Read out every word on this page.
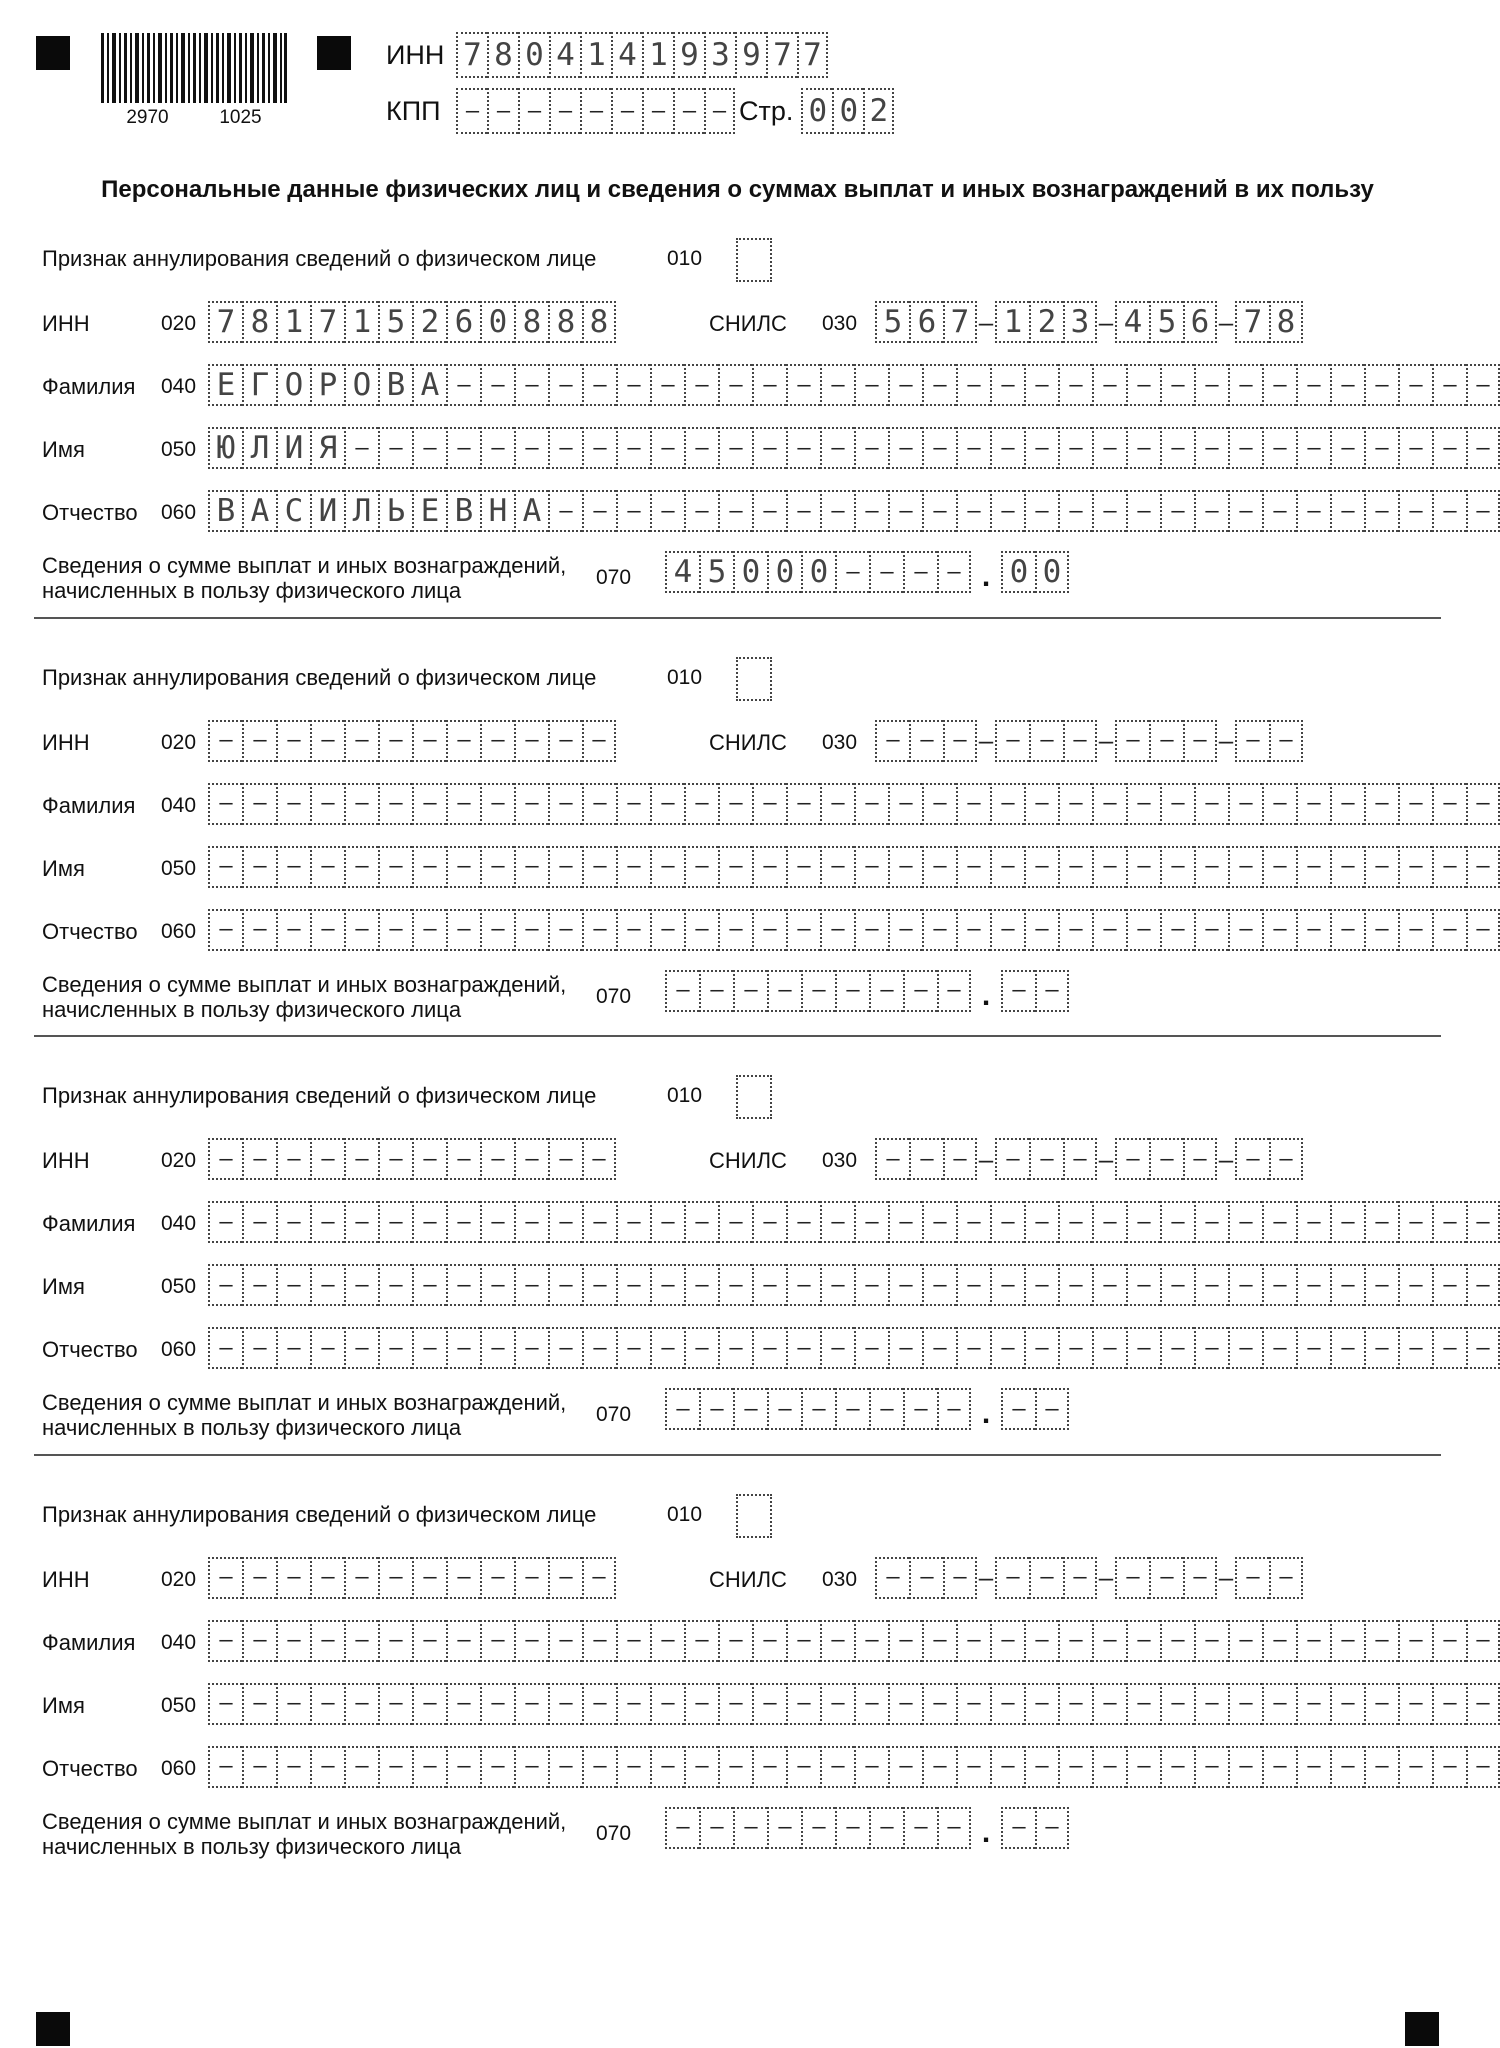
2970	1025
ИНН 7 8 0 4 1 4 1 9 3 9 7 7
КПП	– – – – – – – – – Стр. 0 0 2
Персональные данные физических лиц и сведения о суммах выплат и иных вознаграждений в их пользу
Признак аннулирования сведений о физическом лице	010
ИНН	020 7 8 1 7 1 5 2 6 0 8 8 8	СНИЛС 030 5 6 7 – 1 2 3 – 4 5 6 – 7 8
Фамилия 040 Е Г О Р О В А – – – – – – – – – – – – – – – – – – – – – – – – – – – – – – –
Имя	050 Ю Л И Я – – – – – – – – – – – – – – – – – – – – – – – – – – – – – – – – – –
Отчество 060 В А С И Л Ь Е В Н А – – – – – – – – – – – – – – – – – – – – – – – – – – – –
Сведения о сумме выплат и иных вознаграждений,
начисленных в пользу физического лица
070 4 5 0 0 0 – – – – . 0 0
Признак аннулирования сведений о физическом лице	010
ИНН	020	– – – – – – – – – – – –	СНИЛС 030	– – – – – – – – – – – – – –
Фамилия 040	– – – – – – – – – – – – – – – – – – – – – – – – – – – – – – – – – – – – – –
Имя	050	– – – – – – – – – – – – – – – – – – – – – – – – – – – – – – – – – – – – – –
Отчество 060	– – – – – – – – – – – – – – – – – – – – – – – – – – – – – – – – – – – – – –
Сведения о сумме выплат и иных вознаграждений,
начисленных в пользу физического лица
070	– – – – – – – – – .	– –
Признак аннулирования сведений о физическом лице	010
ИНН	020	– – – – – – – – – – – –	СНИЛС 030	– – – – – – – – – – – – – –
Фамилия 040	– – – – – – – – – – – – – – – – – – – – – – – – – – – – – – – – – – – – – –
Имя	050	– – – – – – – – – – – – – – – – – – – – – – – – – – – – – – – – – – – – – –
Отчество 060	– – – – – – – – – – – – – – – – – – – – – – – – – – – – – – – – – – – – – –
Сведения о сумме выплат и иных вознаграждений,
начисленных в пользу физического лица
070	– – – – – – – – – .	– –
Признак аннулирования сведений о физическом лице	010
ИНН	020	– – – – – – – – – – – –	СНИЛС 030	– – – – – – – – – – – – – –
Фамилия 040	– – – – – – – – – – – – – – – – – – – – – – – – – – – – – – – – – – – – – –
Имя	050	– – – – – – – – – – – – – – – – – – – – – – – – – – – – – – – – – – – – – –
Отчество 060	– – – – – – – – – – – – – – – – – – – – – – – – – – – – – – – – – – – – – –
Сведения о сумме выплат и иных вознаграждений,
начисленных в пользу физического лица
070	– – – – – – – – – .	– –
